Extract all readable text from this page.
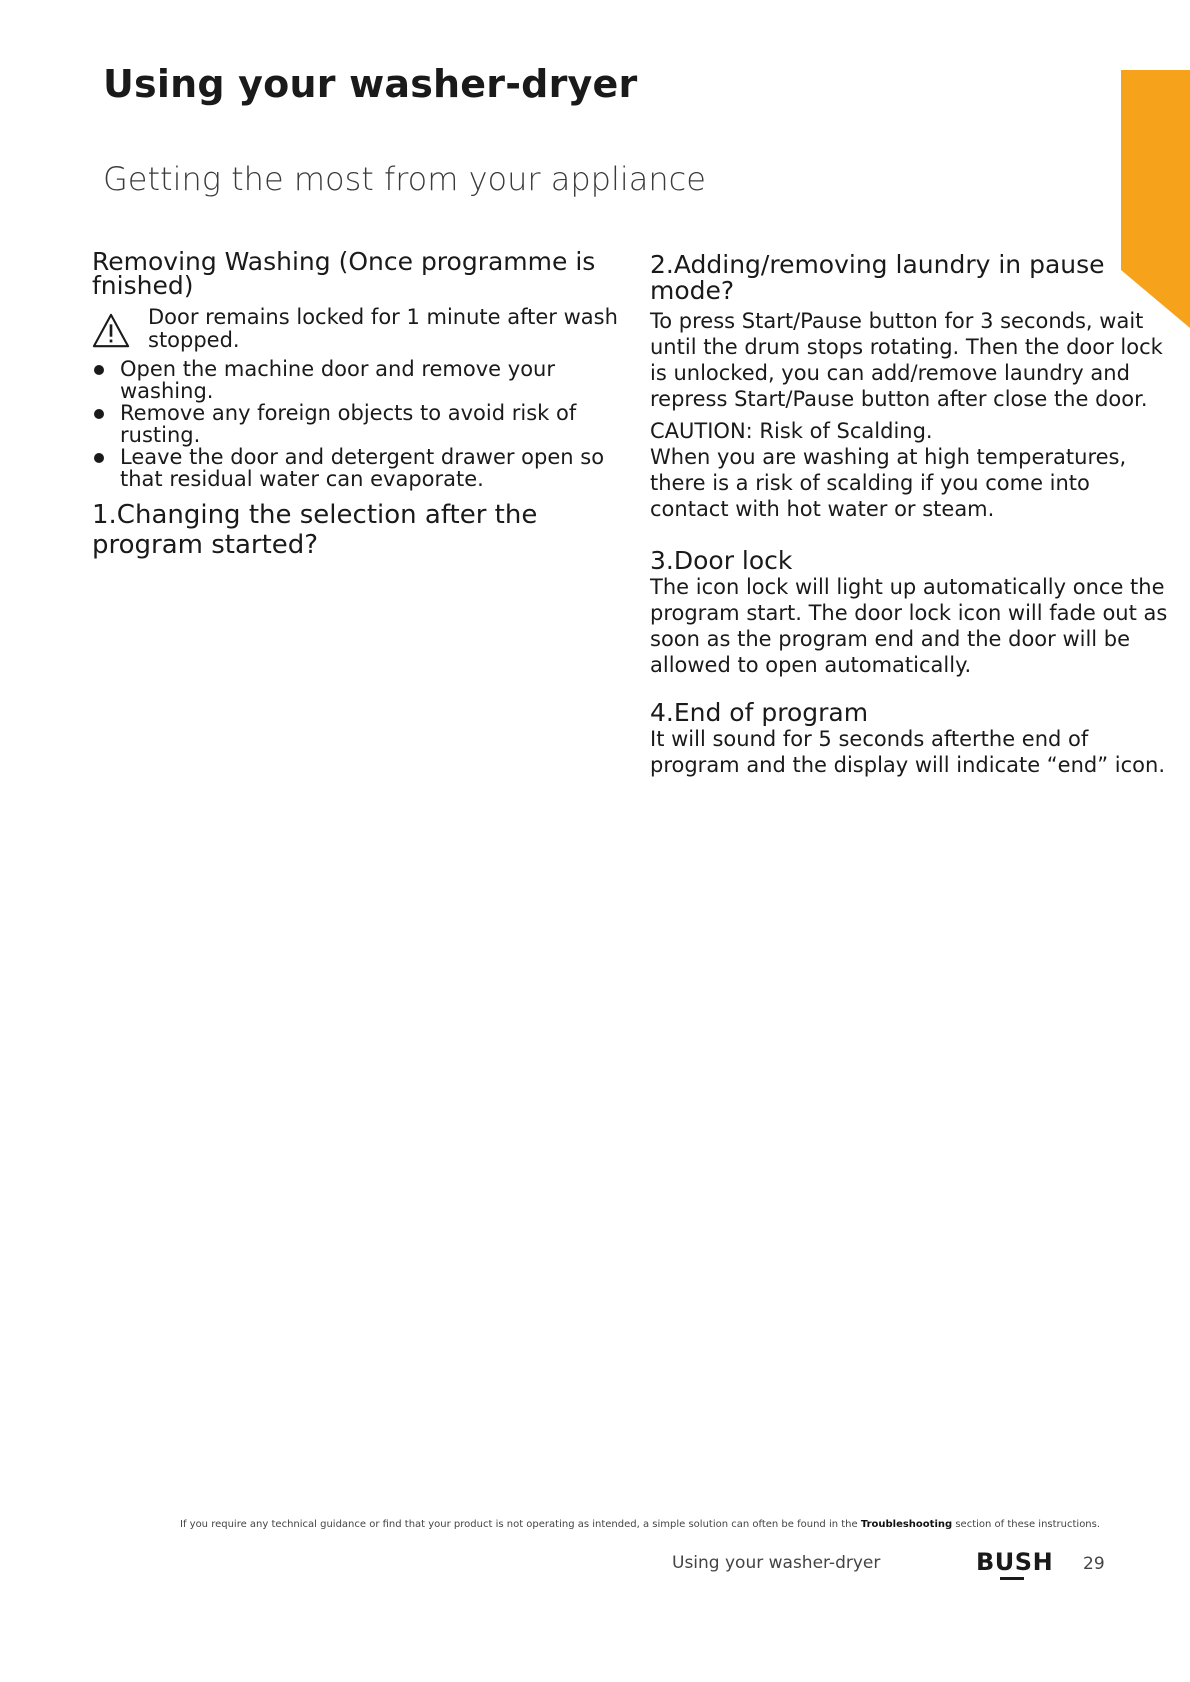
Using your washer-dryer
Getting the most from your appliance
Removing Washing (Once programme is fnished)
Door remains locked for 1 minute after wash stopped.
Open the machine door and remove your washing.
Remove any foreign objects to avoid risk of rusting.
Leave the door and detergent drawer open so that residual water can evaporate.
1.Changing the selection after the program started?
2.Adding/removing laundry in pause mode?
To press Start/Pause button for 3 seconds, wait until the drum stops rotating. Then the door lock is unlocked, you can add/remove laundry and repress Start/Pause button after close the door.
CAUTION: Risk of Scalding.
When you are washing at high temperatures, there is a risk of scalding if you come into contact with hot water or steam.
3.Door lock
The icon lock will light up automatically once the program start. The door lock icon will fade out as soon as the program end and the door will be allowed to open automatically.
4.End of program
It will sound for 5 seconds afterthe end of program and the display will indicate “end” icon.
If you require any technical guidance or find that your product is not operating as intended, a simple solution can often be found in the Troubleshooting section of these instructions.
Using your washer-dryer	BUSH 29
